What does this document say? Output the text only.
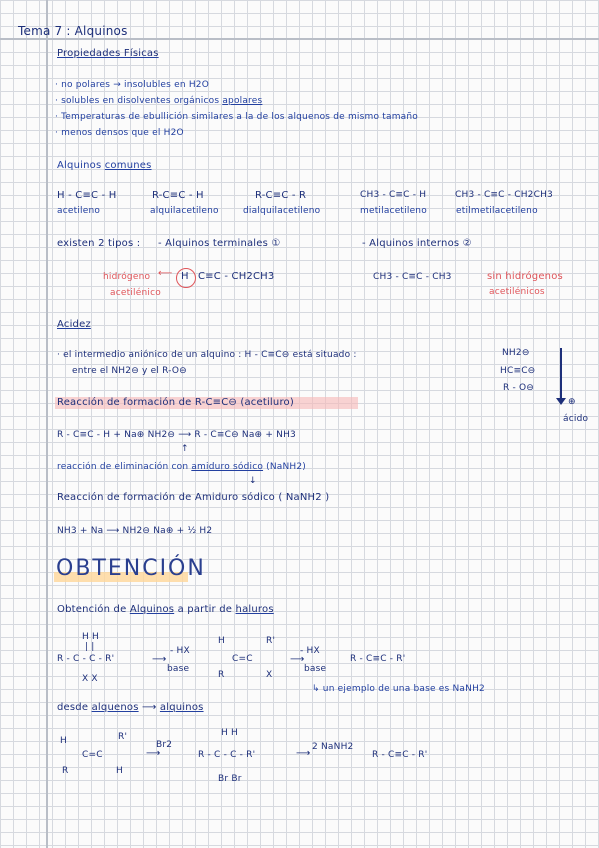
Tema 7 : Alquinos
Propiedades Físicas
· no polares → insolubles en H2O
· solubles en disolventes orgánicos apolares
· Temperaturas de ebullición similares a la de los alquenos de mismo tamaño
· menos densos que el H2O
Alquinos comunes
H - C≡C - H
acetileno
R-C≡C - H
alquilacetileno
R-C≡C - R
dialquilacetileno
CH3 - C≡C - H
metilacetileno
CH3 - C≡C - CH2CH3
etilmetilacetileno
existen 2 tipos : - Alquinos terminales ①	- Alquinos internos ②
hidrógeno
acetilénico
⟵ H C≡C - CH2CH3	CH3 - C≡C - CH3	sin hidrógenos
acetilénicos
Acidez
· el intermedio aniónico de un alquino : H - C≡C⊖ está situado :
entre el NH2⊖ y el R-O⊖
NH2⊖
HC≡C⊖
R - O⊖
⊕
ácido
Reacción de formación de R-C≡C⊖ (acetiluro)
R - C≡C - H + Na⊕ NH2⊖ ⟶ R - C≡C⊖ Na⊕ + NH3
↑
reacción de eliminación con amiduro sódico (NaNH2)
↓
Reacción de formación de Amiduro sódico ( NaNH2 )
NH3 + Na ⟶ NH2⊖ Na⊕ + ½ H2
OBTENCIÓN
Obtención de Alquinos a partir de haluros
H H
| |
R - C - C - R'
X X
- HX
⟶
base
H	R'
C=C
R	X
- HX
⟶
base
R - C≡C - R'
↳ un ejemplo de una base es NaNH2
desde alquenos ⟶ alquinos
H	R'
C=C
R	H
Br2
⟶
H H
R - C - C - R'
Br Br
2 NaNH2
⟶	R - C≡C - R'
